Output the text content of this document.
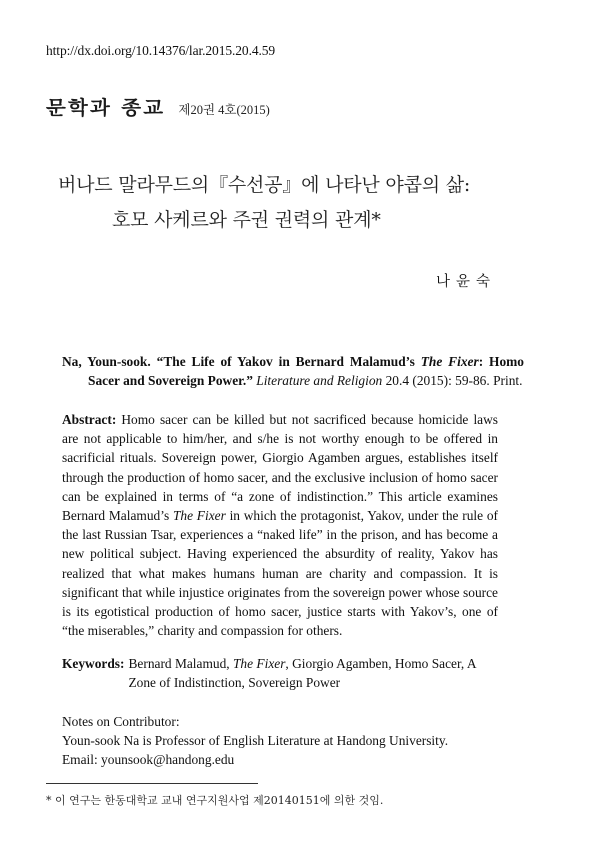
http://dx.doi.org/10.14376/lar.2015.20.4.59
문학과 종교 제20권 4호(2015)
버나드 말라무드의『수선공』에 나타난 야콥의 삶:
호모 사케르와 주권 권력의 관계*
나윤숙
Na, Youn-sook. “The Life of Yakov in Bernard Malamud’s The Fixer: Homo Sacer and Sovereign Power.” Literature and Religion 20.4 (2015): 59-86. Print.

Abstract: Homo sacer can be killed but not sacrificed because homicide laws are not applicable to him/her, and s/he is not worthy enough to be offered in sacrificial rituals. Sovereign power, Giorgio Agamben argues, establishes itself through the production of homo sacer, and the exclusive inclusion of homo sacer can be explained in terms of “a zone of indistinction.” This article examines Bernard Malamud’s The Fixer in which the protagonist, Yakov, under the rule of the last Russian Tsar, experiences a “naked life” in the prison, and has become a new political subject. Having experienced the absurdity of reality, Yakov has realized that what makes humans human are charity and compassion. It is significant that while injustice originates from the sovereign power whose source is its egotistical production of homo sacer, justice starts with Yakov’s, one of “the miserables,” charity and compassion for others.

Keywords: Bernard Malamud, The Fixer, Giorgio Agamben, Homo Sacer, A Zone of Indistinction, Sovereign Power
Notes on Contributor:
Youn-sook Na is Professor of English Literature at Handong University.
Email: younsook@handong.edu
* 이 연구는 한동대학교 교내 연구지원사업 제20140151에 의한 것임.
